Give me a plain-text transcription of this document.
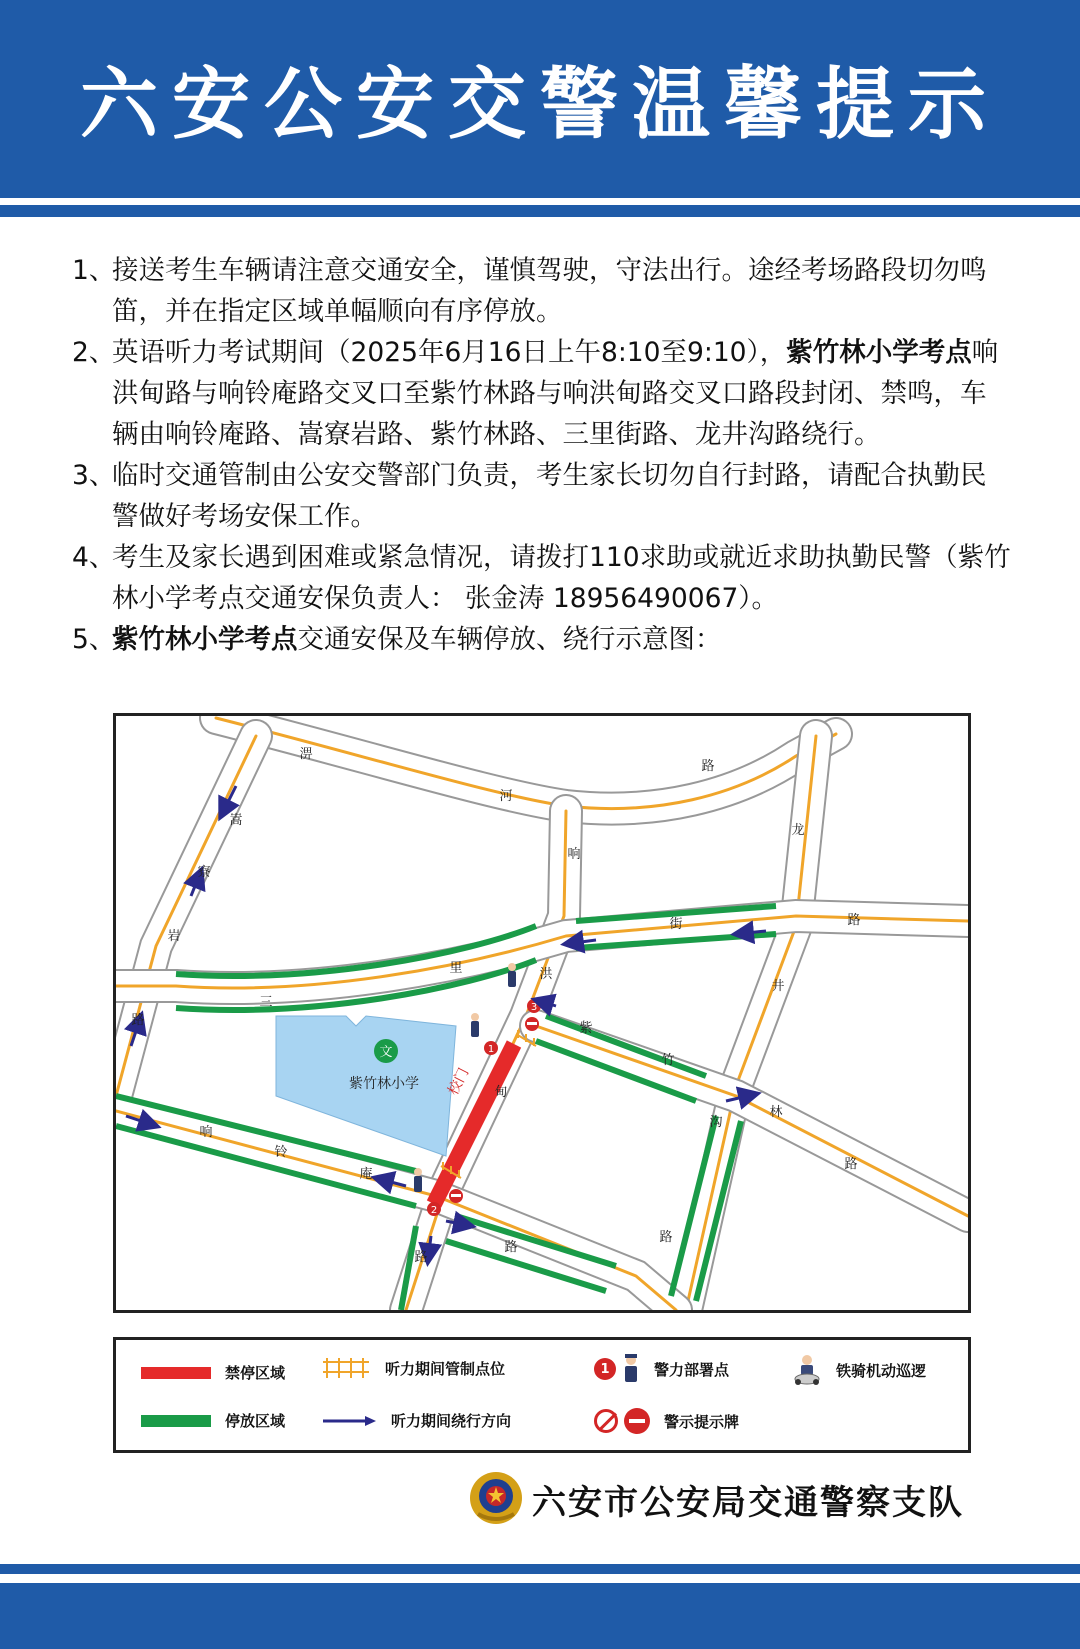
六安公安交警温馨提示
1、
接送考生车辆请注意交通安全，谨慎驾驶，守法出行。途经考场路段切勿鸣笛，并在指定区域单幅顺向有序停放。
2、
英语听力考试期间（2025年6月16日上午8:10至9:10），紫竹林小学考点响洪甸路与响铃庵路交叉口至紫竹林路与响洪甸路交叉口路段封闭、禁鸣，车辆由响铃庵路、嵩寮岩路、紫竹林路、三里街路、龙井沟路绕行。
3、
临时交通管制由公安交警部门负责，考生家长切勿自行封路，请配合执勤民警做好考场安保工作。
4、
考生及家长遇到困难或紧急情况，请拨打110求助或就近求助执勤民警（紫竹林小学考点交通安保负责人： 张金涛 18956490067）。
5、
紫竹林小学考点交通安保及车辆停放、绕行示意图：
文
紫竹林小学 校门
1
2
3
淠
河
路
响
洪
甸
路
龙
井
沟
路
嵩
寮
岩
路
三
里
街	路
紫
竹
林
路
响
铃
庵
路
禁停区域
停放区域
听力期间管制点位
听力期间绕行方向
1	警力部署点
警示提示牌
铁骑机动巡逻
六安市公安局交通警察支队
